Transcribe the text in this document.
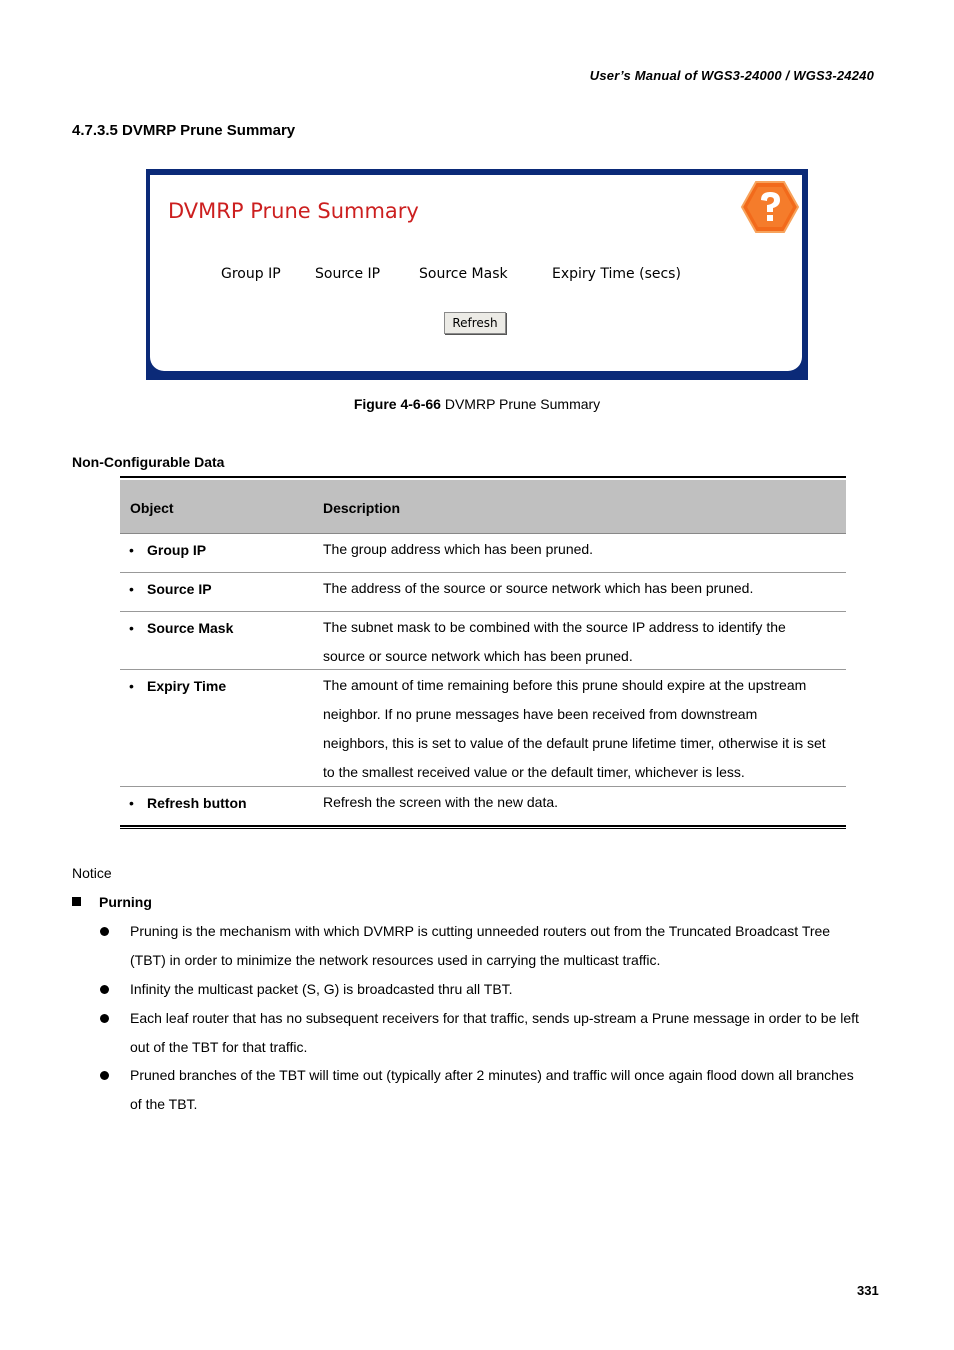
User’s Manual of WGS3-24000 / WGS3-24240
4.7.3.5 DVMRP Prune Summary
DVMRP Prune Summary
Group IP Source IP	Source Mask	Expiry Time (secs)
Refresh
Figure 4-6-66 DVMRP Prune Summary
Non-Configurable Data
Object	Description
• Group IP	The group address which has been pruned.
• Source IP	The address of the source or source network which has been pruned.
• Source Mask	The subnet mask to be combined with the source IP address to identify the
source or source network which has been pruned.
• Expiry Time	The amount of time remaining before this prune should expire at the upstream
neighbor. If no prune messages have been received from downstream
neighbors, this is set to value of the default prune lifetime timer, otherwise it is set
to the smallest received value or the default timer, whichever is less.
• Refresh button	Refresh the screen with the new data.
Notice
Purning
Pruning is the mechanism with which DVMRP is cutting unneeded routers out from the Truncated Broadcast Tree
(TBT) in order to minimize the network resources used in carrying the multicast traffic.
Infinity the multicast packet (S, G) is broadcasted thru all TBT.
Each leaf router that has no subsequent receivers for that traffic, sends up-stream a Prune message in order to be left
out of the TBT for that traffic.
Pruned branches of the TBT will time out (typically after 2 minutes) and traffic will once again flood down all branches
of the TBT.
331
